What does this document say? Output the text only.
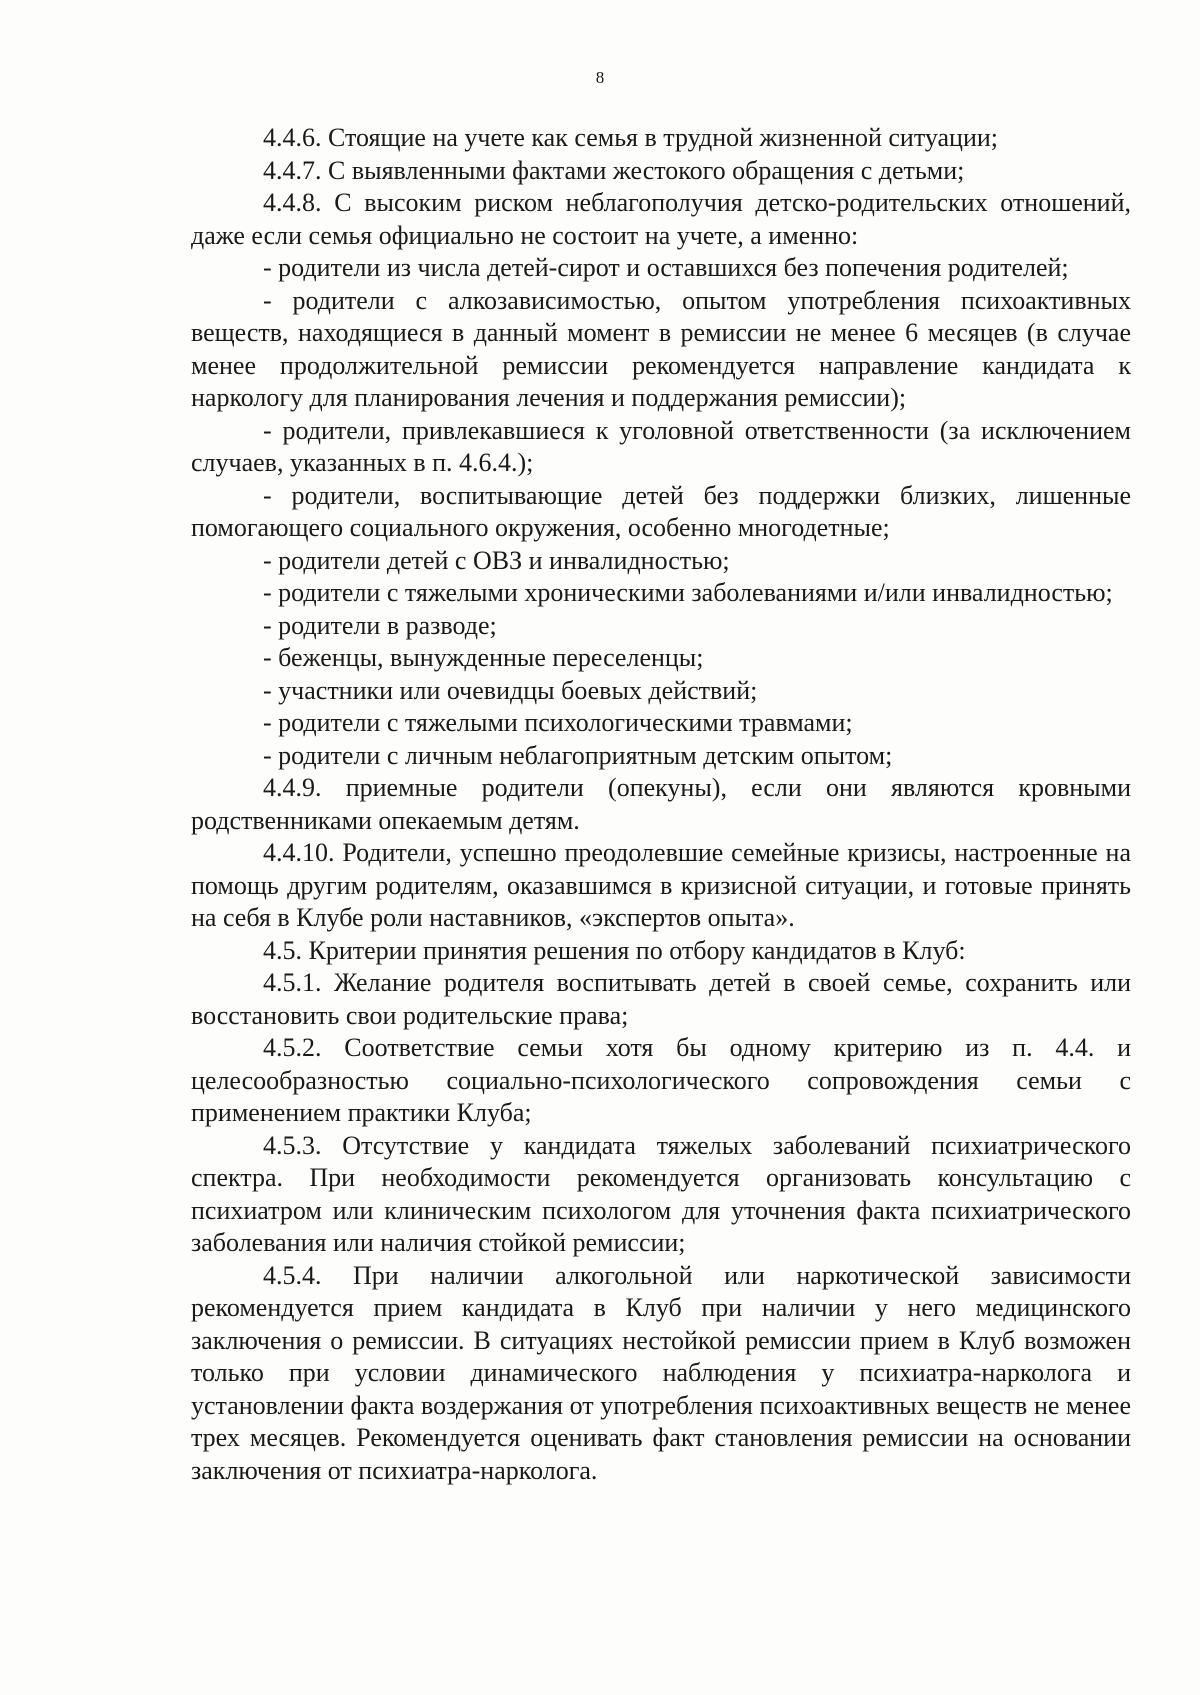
8

4.4.6. Стоящие на учете как семья в трудной жизненной ситуации;

4.4.7. С выявленными фактами жестокого обращения с детьми;

4.4.8. С высоким риском неблагополучия детско-родительских отношений, даже если семья официально не состоит на учете, а именно:

- родители из числа детей-сирот и оставшихся без попечения родителей;

- родители с алкозависимостью, опытом употребления психоактивных веществ, находящиеся в данный момент в ремиссии не менее 6 месяцев (в случае менее продолжительной ремиссии рекомендуется направление кандидата к наркологу для планирования лечения и поддержания ремиссии);

- родители, привлекавшиеся к уголовной ответственности (за исключением случаев, указанных в п. 4.6.4.);

- родители, воспитывающие детей без поддержки близких, лишенные помогающего социального окружения, особенно многодетные;

- родители детей с ОВЗ и инвалидностью;

- родители с тяжелыми хроническими заболеваниями и/или инвалидностью;

- родители в разводе;

- беженцы, вынужденные переселенцы;

- участники или очевидцы боевых действий;

- родители с тяжелыми психологическими травмами;

- родители с личным неблагоприятным детским опытом;

4.4.9. приемные родители (опекуны), если они являются кровными родственниками опекаемым детям.

4.4.10. Родители, успешно преодолевшие семейные кризисы, настроенные на помощь другим родителям, оказавшимся в кризисной ситуации, и готовые принять на себя в Клубе роли наставников, «экспертов опыта».

4.5. Критерии принятия решения по отбору кандидатов в Клуб:

4.5.1. Желание родителя воспитывать детей в своей семье, сохранить или восстановить свои родительские права;

4.5.2. Соответствие семьи хотя бы одному критерию из п. 4.4. и целесообразностью социально-психологического сопровождения семьи с применением практики Клуба;

4.5.3. Отсутствие у кандидата тяжелых заболеваний психиатрического спектра. При необходимости рекомендуется организовать консультацию с психиатром или клиническим психологом для уточнения факта психиатрического заболевания или наличия стойкой ремиссии;

4.5.4. При наличии алкогольной или наркотической зависимости рекомендуется прием кандидата в Клуб при наличии у него медицинского заключения о ремиссии. В ситуациях нестойкой ремиссии прием в Клуб возможен только при условии динамического наблюдения у психиатра-нарколога и установлении факта воздержания от употребления психоактивных веществ не менее трех месяцев. Рекомендуется оценивать факт становления ремиссии на основании заключения от психиатра-нарколога.
